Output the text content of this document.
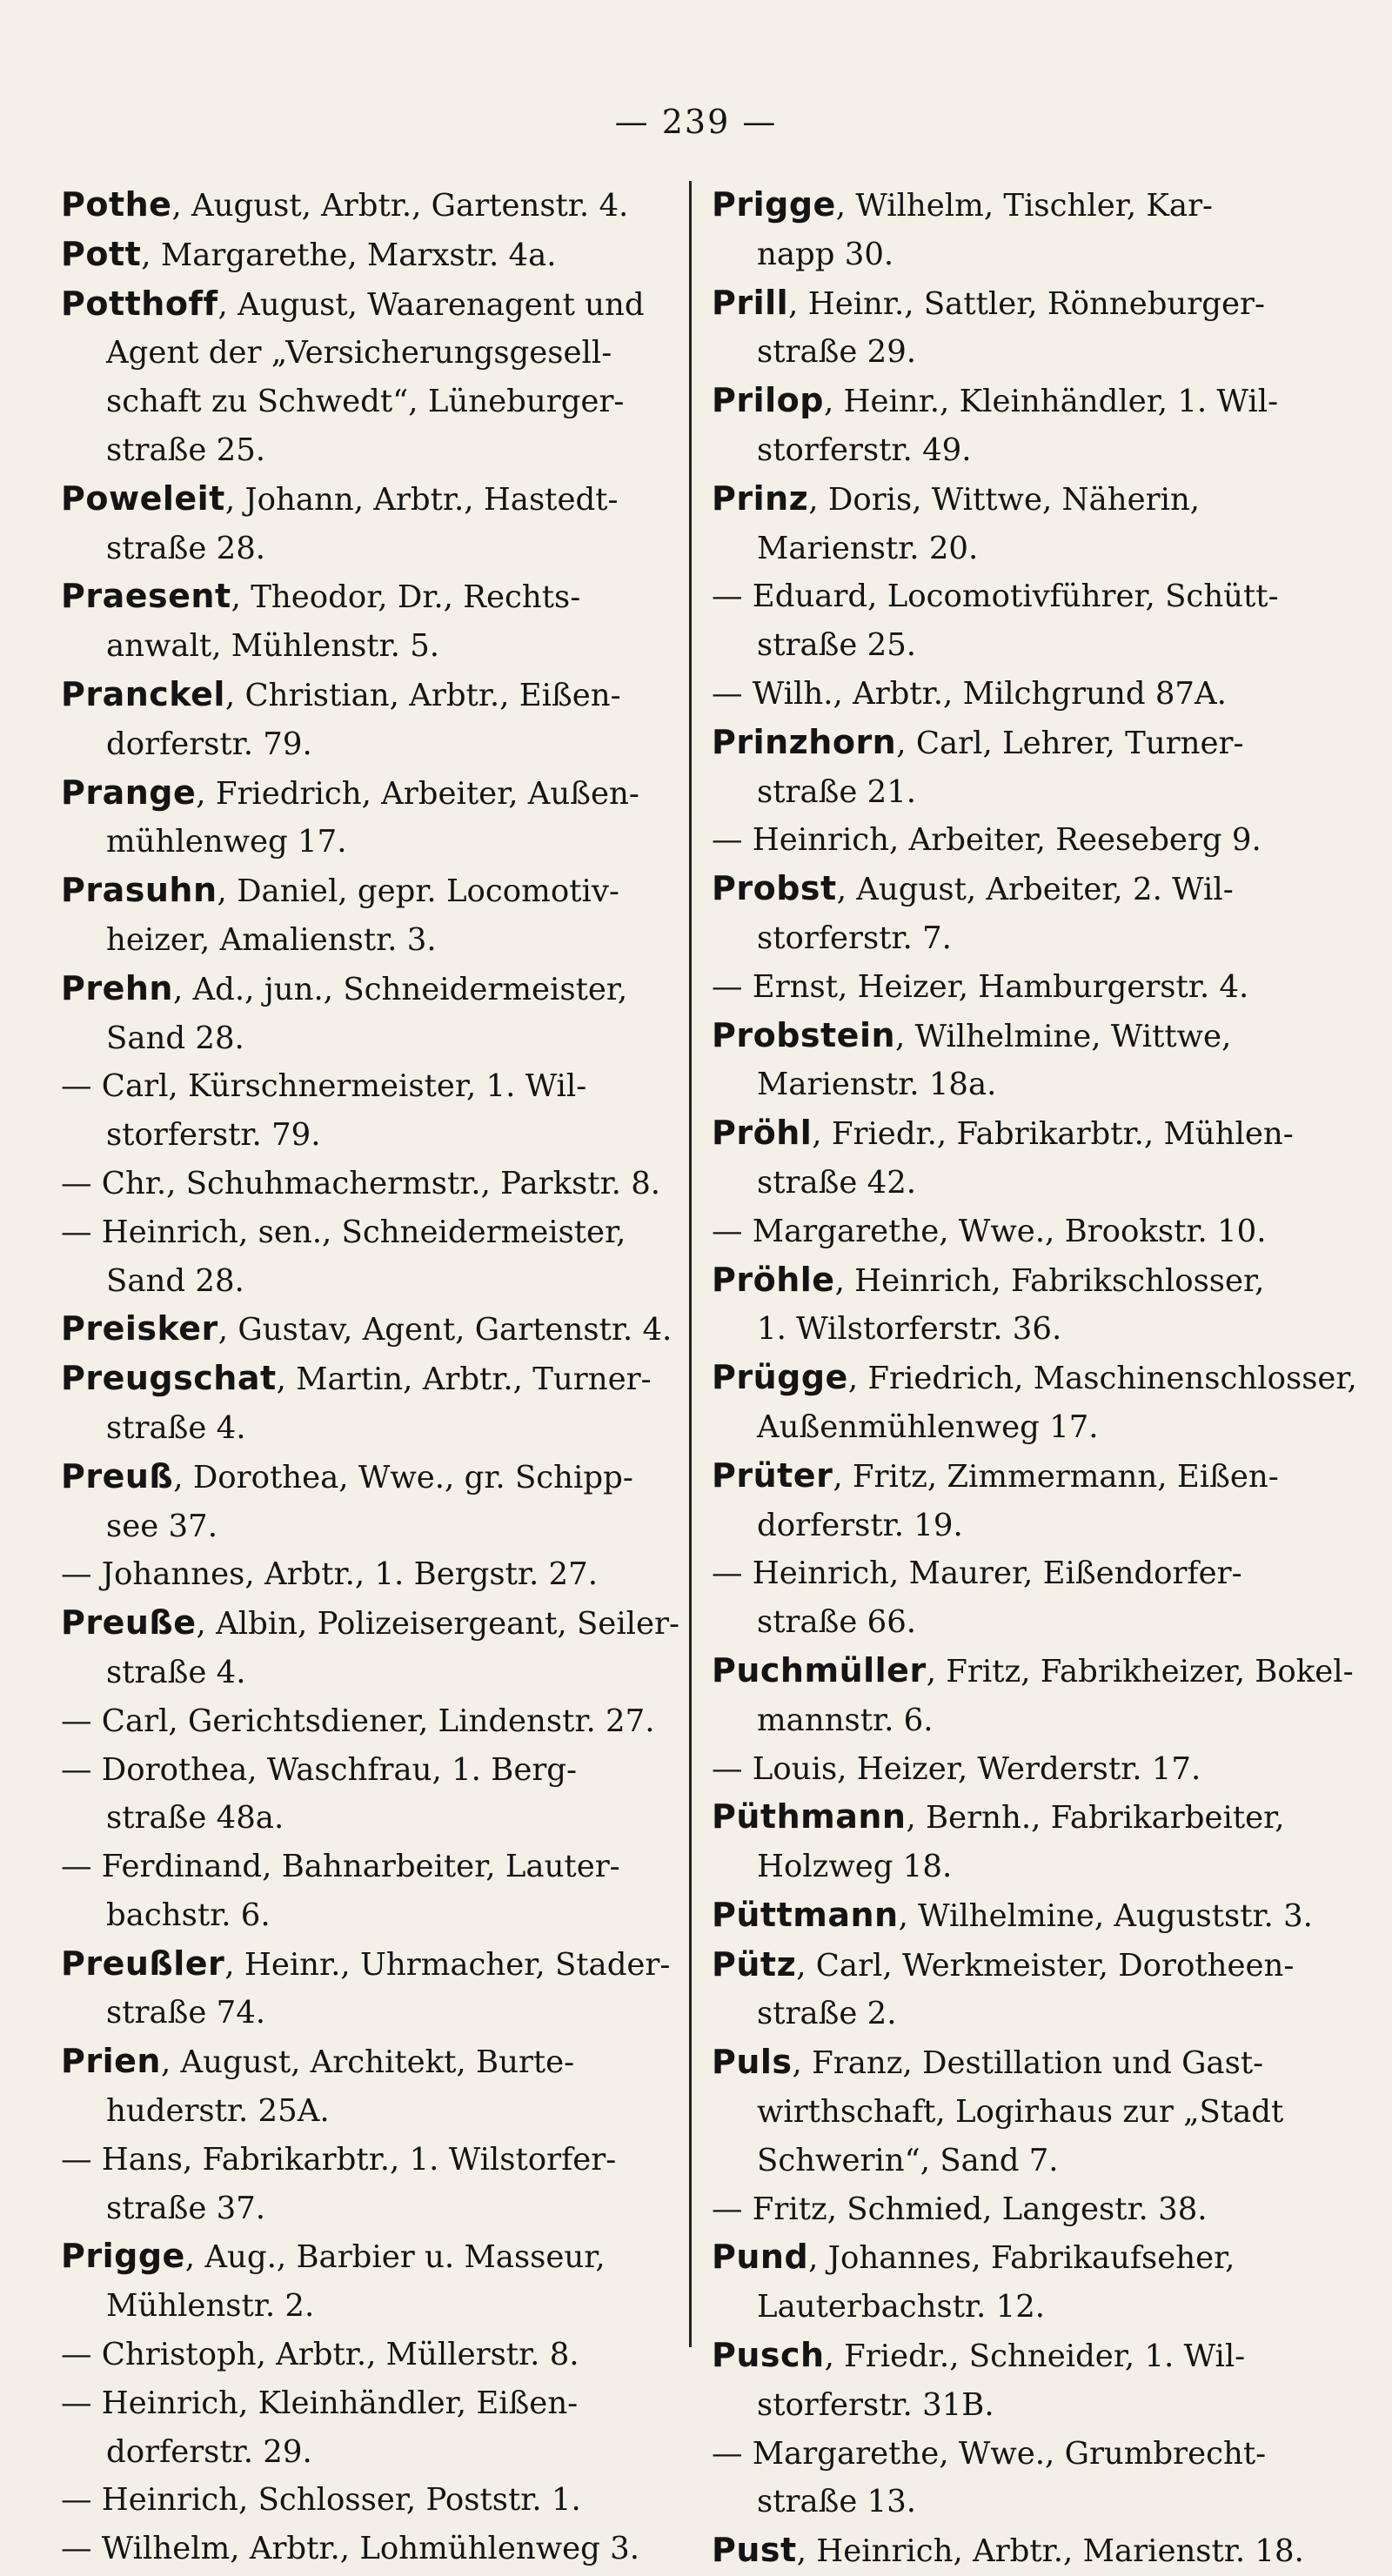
— 239 —
Pothe, August, Arbtr., Gartenstr. 4.
Pott, Margarethe, Marxstr. 4a.
Potthoff, August, Waarenagent und
Agent der „Versicherungsgesell-
schaft zu Schwedt“, Lüneburger-
straße 25.
Poweleit, Johann, Arbtr., Hastedt-
straße 28.
Praesent, Theodor, Dr., Rechts-
anwalt, Mühlenstr. 5.
Pranckel, Christian, Arbtr., Eißen-
dorferstr. 79.
Prange, Friedrich, Arbeiter, Außen-
mühlenweg 17.
Prasuhn, Daniel, gepr. Locomotiv-
heizer, Amalienstr. 3.
Prehn, Ad., jun., Schneidermeister,
Sand 28.
— Carl, Kürschnermeister, 1. Wil-
storferstr. 79.
— Chr., Schuhmachermstr., Parkstr. 8.
— Heinrich, sen., Schneidermeister,
Sand 28.
Preisker, Gustav, Agent, Gartenstr. 4.
Preugschat, Martin, Arbtr., Turner-
straße 4.
Preuß, Dorothea, Wwe., gr. Schipp-
see 37.
— Johannes, Arbtr., 1. Bergstr. 27.
Preuße, Albin, Polizeisergeant, Seiler-
straße 4.
— Carl, Gerichtsdiener, Lindenstr. 27.
— Dorothea, Waschfrau, 1. Berg-
straße 48a.
— Ferdinand, Bahnarbeiter, Lauter-
bachstr. 6.
Preußler, Heinr., Uhrmacher, Stader-
straße 74.
Prien, August, Architekt, Burte-
huderstr. 25A.
— Hans, Fabrikarbtr., 1. Wilstorfer-
straße 37.
Prigge, Aug., Barbier u. Masseur,
Mühlenstr. 2.
— Christoph, Arbtr., Müllerstr. 8.
— Heinrich, Kleinhändler, Eißen-
dorferstr. 29.
— Heinrich, Schlosser, Poststr. 1.
— Wilhelm, Arbtr., Lohmühlenweg 3.
Prigge, Wilhelm, Tischler, Kar-
napp 30.
Prill, Heinr., Sattler, Rönneburger-
straße 29.
Prilop, Heinr., Kleinhändler, 1. Wil-
storferstr. 49.
Prinz, Doris, Wittwe, Näherin,
Marienstr. 20.
— Eduard, Locomotivführer, Schütt-
straße 25.
— Wilh., Arbtr., Milchgrund 87A.
Prinzhorn, Carl, Lehrer, Turner-
straße 21.
— Heinrich, Arbeiter, Reeseberg 9.
Probst, August, Arbeiter, 2. Wil-
storferstr. 7.
— Ernst, Heizer, Hamburgerstr. 4.
Probstein, Wilhelmine, Wittwe,
Marienstr. 18a.
Pröhl, Friedr., Fabrikarbtr., Mühlen-
straße 42.
— Margarethe, Wwe., Brookstr. 10.
Pröhle, Heinrich, Fabrikschlosser,
1. Wilstorferstr. 36.
Prügge, Friedrich, Maschinenschlosser,
Außenmühlenweg 17.
Prüter, Fritz, Zimmermann, Eißen-
dorferstr. 19.
— Heinrich, Maurer, Eißendorfer-
straße 66.
Puchmüller, Fritz, Fabrikheizer, Bokel-
mannstr. 6.
— Louis, Heizer, Werderstr. 17.
Püthmann, Bernh., Fabrikarbeiter,
Holzweg 18.
Püttmann, Wilhelmine, Auguststr. 3.
Pütz, Carl, Werkmeister, Dorotheen-
straße 2.
Puls, Franz, Destillation und Gast-
wirthschaft, Logirhaus zur „Stadt
Schwerin“, Sand 7.
— Fritz, Schmied, Langestr. 38.
Pund, Johannes, Fabrikaufseher,
Lauterbachstr. 12.
Pusch, Friedr., Schneider, 1. Wil-
storferstr. 31B.
— Margarethe, Wwe., Grumbrecht-
straße 13.
Pust, Heinrich, Arbtr., Marienstr. 18.
